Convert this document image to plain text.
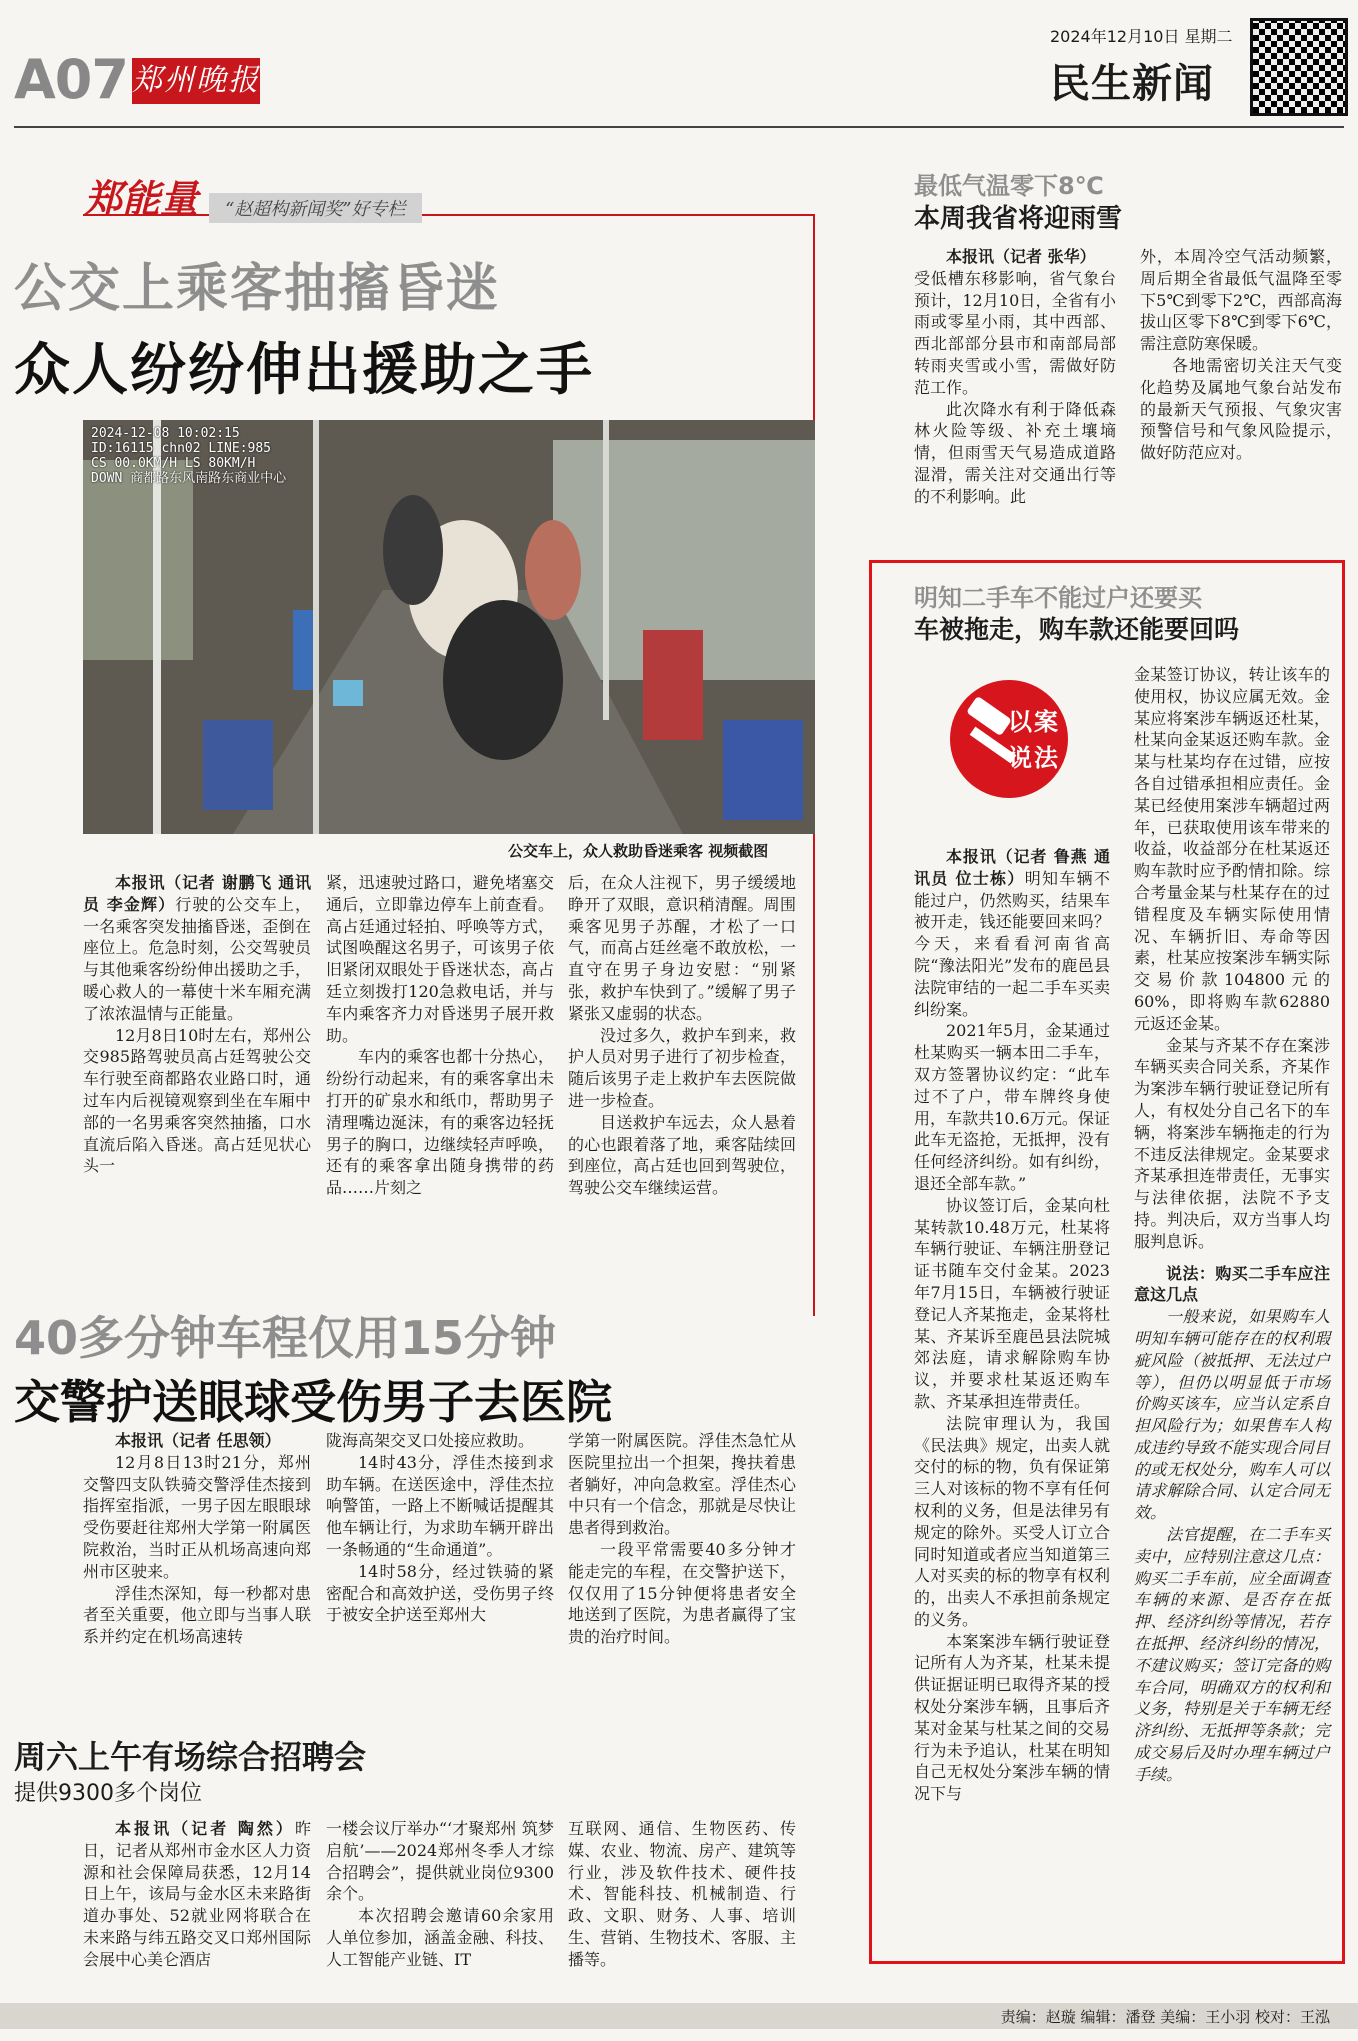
A07 郑州晚报
2024年12月10日 星期二
民生新闻
郑能量 “赵超构新闻奖”好专栏
公交上乘客抽搐昏迷
众人纷纷伸出援助之手
2024-12-08 10:02:15
ID:16115 chn02 LINE:985
CS 00.0KM/H LS 80KM/H
DOWN 商都路东风南路东商业中心
公交车上，众人救助昏迷乘客 视频截图

本报讯（记者 谢鹏飞 通讯员 李金辉）行驶的公交车上，一名乘客突发抽搐昏迷，歪倒在座位上。危急时刻，公交驾驶员与其他乘客纷纷伸出援助之手，暖心救人的一幕使十米车厢充满了浓浓温情与正能量。

12月8日10时左右，郑州公交985路驾驶员高占廷驾驶公交车行驶至商都路农业路口时，通过车内后视镜观察到坐在车厢中部的一名男乘客突然抽搐，口水直流后陷入昏迷。高占廷见状心头一

紧，迅速驶过路口，避免堵塞交通后，立即靠边停车上前查看。高占廷通过轻拍、呼唤等方式，试图唤醒这名男子，可该男子依旧紧闭双眼处于昏迷状态，高占廷立刻拨打120急救电话，并与车内乘客齐力对昏迷男子展开救助。

车内的乘客也都十分热心，纷纷行动起来，有的乘客拿出未打开的矿泉水和纸巾，帮助男子清理嘴边涎沫，有的乘客边轻抚男子的胸口，边继续轻声呼唤，还有的乘客拿出随身携带的药品……片刻之

后，在众人注视下，男子缓缓地睁开了双眼，意识稍清醒。周围乘客见男子苏醒，才松了一口气，而高占廷丝毫不敢放松，一直守在男子身边安慰：“别紧张，救护车快到了。”缓解了男子紧张又虚弱的状态。

没过多久，救护车到来，救护人员对男子进行了初步检查，随后该男子走上救护车去医院做进一步检查。

目送救护车远去，众人悬着的心也跟着落了地，乘客陆续回到座位，高占廷也回到驾驶位，驾驶公交车继续运营。

40多分钟车程仅用15分钟
交警护送眼球受伤男子去医院

本报讯（记者 任思领）

12月8日13时21分，郑州交警四支队铁骑交警浮佳杰接到指挥室指派，一男子因左眼眼球受伤要赶往郑州大学第一附属医院救治，当时正从机场高速向郑州市区驶来。

浮佳杰深知，每一秒都对患者至关重要，他立即与当事人联系并约定在机场高速转

陇海高架交叉口处接应救助。

14时43分，浮佳杰接到求助车辆。在送医途中，浮佳杰拉响警笛，一路上不断喊话提醒其他车辆让行，为求助车辆开辟出一条畅通的“生命通道”。

14时58分，经过铁骑的紧密配合和高效护送，受伤男子终于被安全护送至郑州大

学第一附属医院。浮佳杰急忙从医院里拉出一个担架，搀扶着患者躺好，冲向急救室。浮佳杰心中只有一个信念，那就是尽快让患者得到救治。

一段平常需要40多分钟才能走完的车程，在交警护送下，仅仅用了15分钟便将患者安全地送到了医院，为患者赢得了宝贵的治疗时间。

周六上午有场综合招聘会
提供9300多个岗位

本报讯（记者 陶然）昨日，记者从郑州市金水区人力资源和社会保障局获悉，12月14日上午，该局与金水区未来路街道办事处、52就业网将联合在未来路与纬五路交叉口郑州国际会展中心美仑酒店

一楼会议厅举办“‘才聚郑州 筑梦启航’——2024郑州冬季人才综合招聘会”，提供就业岗位9300余个。

本次招聘会邀请60余家用人单位参加，涵盖金融、科技、人工智能产业链、IT

互联网、通信、生物医药、传媒、农业、物流、房产、建筑等行业，涉及软件技术、硬件技术、智能科技、机械制造、行政、文职、财务、人事、培训生、营销、生物技术、客服、主播等。

最低气温零下8℃
本周我省将迎雨雪

本报讯（记者 张华）

受低槽东移影响，省气象台预计，12月10日，全省有小雨或零星小雨，其中西部、西北部部分县市和南部局部转雨夹雪或小雪，需做好防范工作。

此次降水有利于降低森林火险等级、补充土壤墒情，但雨雪天气易造成道路湿滑，需关注对交通出行等的不利影响。此

外，本周冷空气活动频繁，周后期全省最低气温降至零下5℃到零下2℃，西部高海拔山区零下8℃到零下6℃，需注意防寒保暖。

各地需密切关注天气变化趋势及属地气象台站发布的最新天气预报、气象灾害预警信号和气象风险提示，做好防范应对。

明知二手车不能过户还要买
车被拖走，购车款还能要回吗
以 案
说 法

本报讯（记者 鲁燕 通讯员 位士栋）明知车辆不能过户，仍然购买，结果车被开走，钱还能要回来吗？今天，来看看河南省高院“豫法阳光”发布的鹿邑县法院审结的一起二手车买卖纠纷案。

2021年5月，金某通过杜某购买一辆本田二手车，双方签署协议约定：“此车过不了户，带车牌终身使用，车款共10.6万元。保证此车无盗抢，无抵押，没有任何经济纠纷。如有纠纷，退还全部车款。”

协议签订后，金某向杜某转款10.48万元，杜某将车辆行驶证、车辆注册登记证书随车交付金某。2023年7月15日，车辆被行驶证登记人齐某拖走，金某将杜某、齐某诉至鹿邑县法院城郊法庭，请求解除购车协议，并要求杜某返还购车款、齐某承担连带责任。

法院审理认为，我国《民法典》规定，出卖人就交付的标的物，负有保证第三人对该标的物不享有任何权利的义务，但是法律另有规定的除外。买受人订立合同时知道或者应当知道第三人对买卖的标的物享有权利的，出卖人不承担前条规定的义务。

本案案涉车辆行驶证登记所有人为齐某，杜某未提供证据证明已取得齐某的授权处分案涉车辆，且事后齐某对金某与杜某之间的交易行为未予追认，杜某在明知自己无权处分案涉车辆的情况下与

金某签订协议，转让该车的使用权，协议应属无效。金某应将案涉车辆返还杜某，杜某向金某返还购车款。金某与杜某均存在过错，应按各自过错承担相应责任。金某已经使用案涉车辆超过两年，已获取使用该车带来的收益，收益部分在杜某返还购车款时应予酌情扣除。综合考量金某与杜某存在的过错程度及车辆实际使用情况、车辆折旧、寿命等因素，杜某应按案涉车辆实际交易价款104800元的60%，即将购车款62880元返还金某。

金某与齐某不存在案涉车辆买卖合同关系，齐某作为案涉车辆行驶证登记所有人，有权处分自己名下的车辆，将案涉车辆拖走的行为不违反法律规定。金某要求齐某承担连带责任，无事实与法律依据，法院不予支持。判决后，双方当事人均服判息诉。

说法：购买二手车应注意这几点

一般来说，如果购车人明知车辆可能存在的权利瑕疵风险（被抵押、无法过户等），但仍以明显低于市场价购买该车，应当认定系自担风险行为；如果售车人构成违约导致不能实现合同目的或无权处分，购车人可以请求解除合同、认定合同无效。

法官提醒，在二手车买卖中，应特别注意这几点：购买二手车前，应全面调查车辆的来源、是否存在抵押、经济纠纷等情况，若存在抵押、经济纠纷的情况，不建议购买；签订完备的购车合同，明确双方的权利和义务，特别是关于车辆无经济纠纷、无抵押等条款；完成交易后及时办理车辆过户手续。

责编：赵璇 编辑：潘登 美编：王小羽 校对：王泓
